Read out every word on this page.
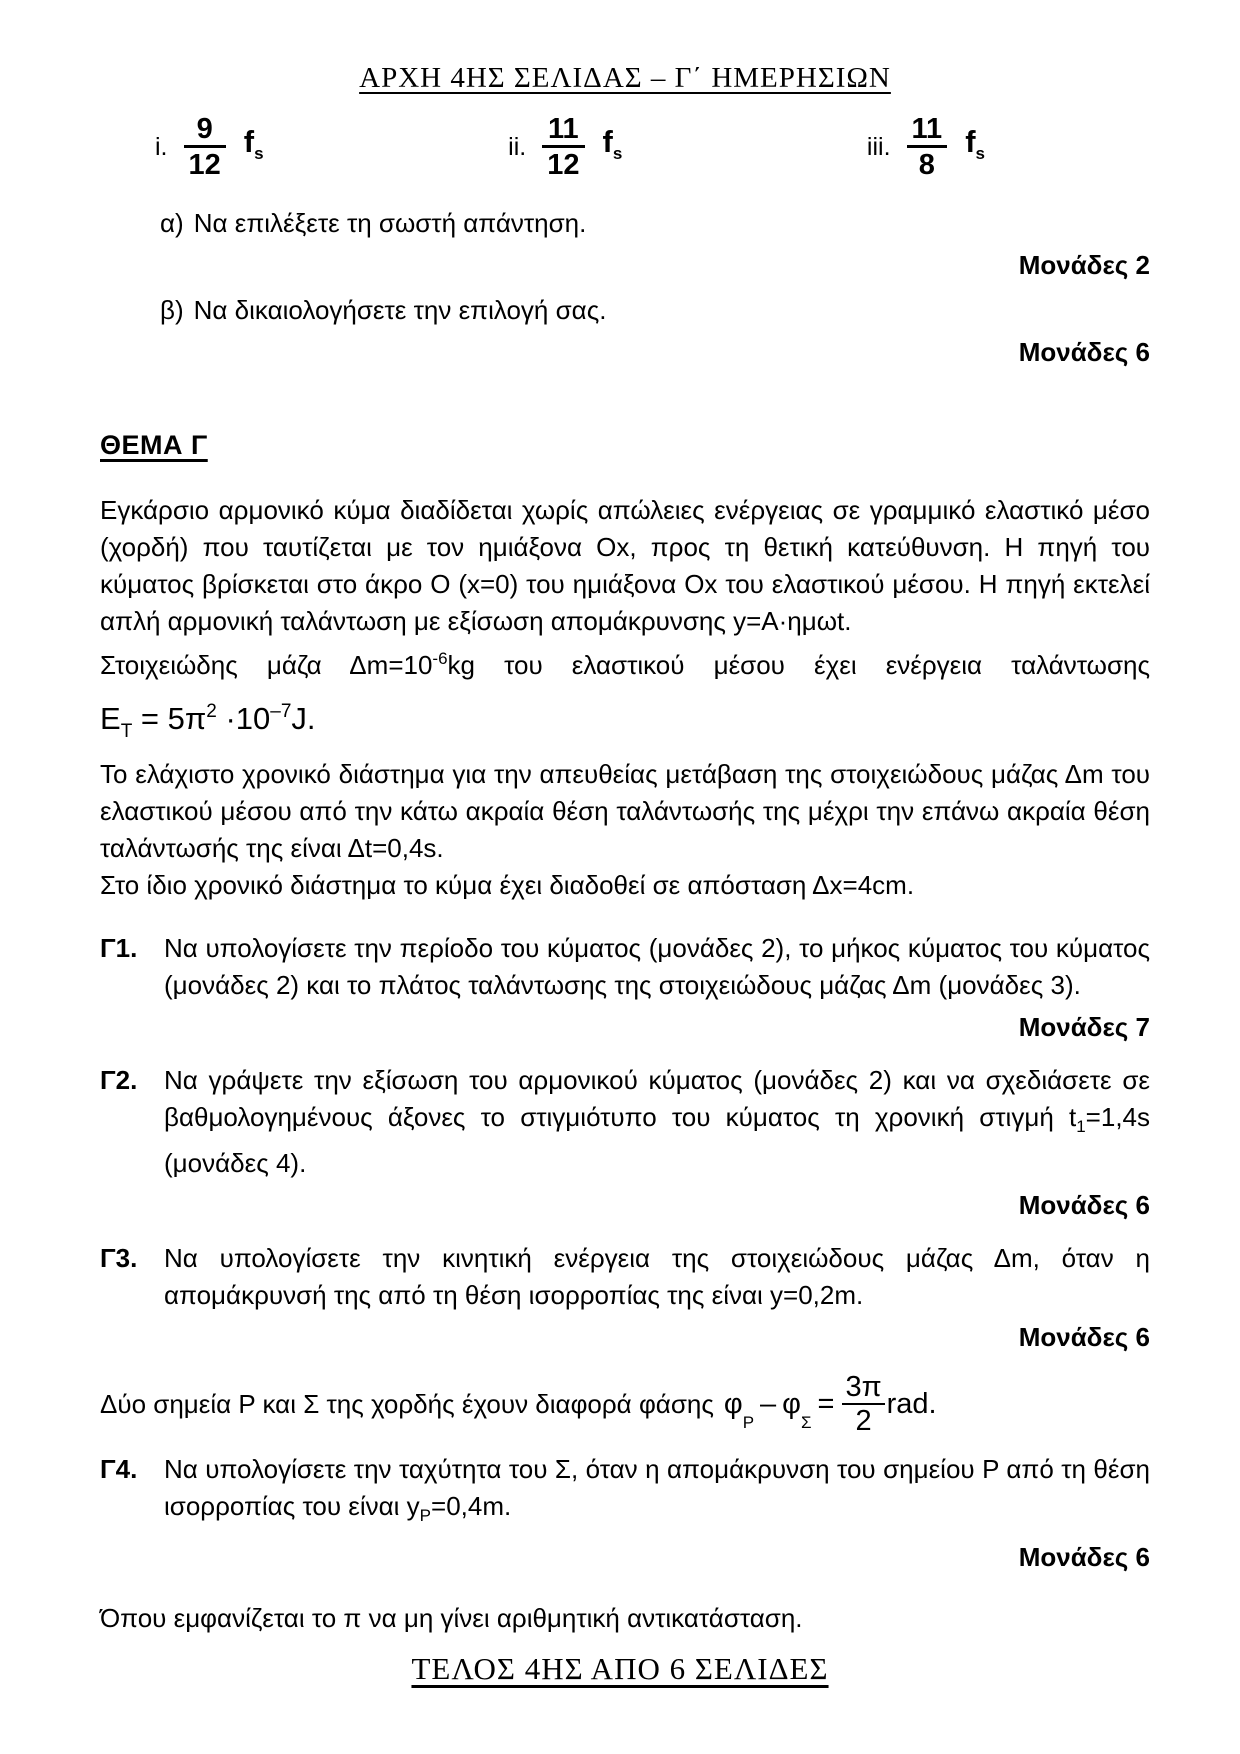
ΑΡΧΗ 4ΗΣ ΣΕΛΙΔΑΣ – Γ΄ ΗΜΕΡΗΣΙΩΝ
i. $\frac{9}{12} f_s$	ii. $\frac{11}{12} f_s$	iii. $\frac{11}{8} f_s$
α) Να επιλέξετε τη σωστή απάντηση.
Μονάδες 2
β) Να δικαιολογήσετε την επιλογή σας.
Μονάδες 6
ΘΕΜΑ Γ
Εγκάρσιο αρμονικό κύμα διαδίδεται χωρίς απώλειες ενέργειας σε γραμμικό ελαστικό μέσο (χορδή) που ταυτίζεται με τον ημιάξονα Οx, προς τη θετική κατεύθυνση. Η πηγή του κύματος βρίσκεται στο άκρο Ο (x=0) του ημιάξονα Οx του ελαστικού μέσου. Η πηγή εκτελεί απλή αρμονική ταλάντωση με εξίσωση απομάκρυνσης y=A·ημωt.
Στοιχειώδης μάζα $\Delta m=10^{-6}kg$ του ελαστικού μέσου έχει ενέργεια ταλάντωσης
$E_T = 5\pi^2 \cdot 10^{-7}J$.
Το ελάχιστο χρονικό διάστημα για την απευθείας μετάβαση της στοιχειώδους μάζας Δm του ελαστικού μέσου από την κάτω ακραία θέση ταλάντωσής της μέχρι την επάνω ακραία θέση ταλάντωσής της είναι Δt=0,4s.
Στο ίδιο χρονικό διάστημα το κύμα έχει διαδοθεί σε απόσταση Δx=4cm.
Γ1.	Να υπολογίσετε την περίοδο του κύματος (μονάδες 2), το μήκος κύματος του κύματος (μονάδες 2) και το πλάτος ταλάντωσης της στοιχειώδους μάζας Δm (μονάδες 3).
Μονάδες 7
Γ2.	Να γράψετε την εξίσωση του αρμονικού κύματος (μονάδες 2) και να σχεδιάσετε σε βαθμολογημένους άξονες το στιγμιότυπο του κύματος τη χρονική στιγμή $t_1=1,4s$ (μονάδες 4).
Μονάδες 6
Γ3.	Να υπολογίσετε την κινητική ενέργεια της στοιχειώδους μάζας Δm, όταν η απομάκρυνσή της από τη θέση ισορροπίας της είναι y=0,2m.
Μονάδες 6
Δύο σημεία Ρ και Σ της χορδής έχουν διαφορά φάσης φ
Ρ
– φ
Σ
= $\frac{3\pi}{2}$ rad.
Γ4.	Να υπολογίσετε την ταχύτητα του Σ, όταν η απομάκρυνση του σημείου Ρ από τη θέση ισορροπίας του είναι $y_P=0,4m$.
Μονάδες 6
Όπου εμφανίζεται το π να μη γίνει αριθμητική αντικατάσταση.
ΤΕΛΟΣ 4ΗΣ ΑΠΟ 6 ΣΕΛΙΔΕΣ
